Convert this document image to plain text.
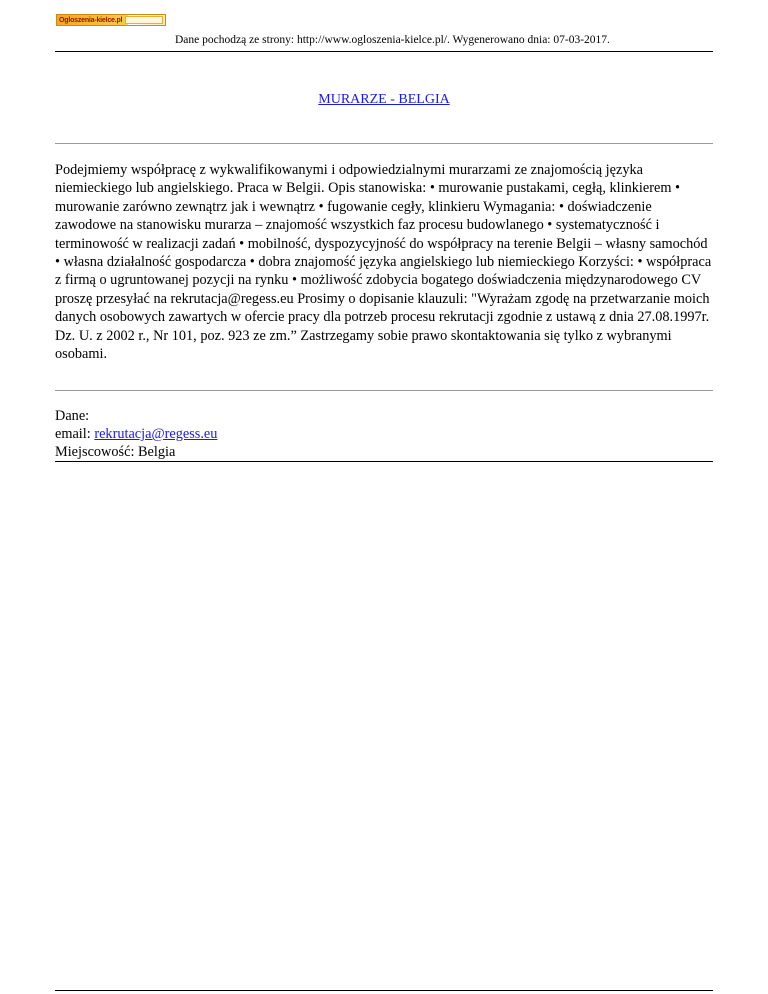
Ogloszenia-kielce.pl
Dane pochodzą ze strony: http://www.ogloszenia-kielce.pl/. Wygenerowano dnia: 07-03-2017.
MURARZE - BELGIA

Podejmiemy współpracę z wykwalifikowanymi i odpowiedzialnymi murarzami ze znajomością języka niemieckiego lub angielskiego. Praca w Belgii. Opis stanowiska: • murowanie pustakami, cegłą, klinkierem • murowanie zarówno zewnątrz jak i wewnątrz • fugowanie cegły, klinkieru Wymagania: • doświadczenie zawodowe na stanowisku murarza – znajomość wszystkich faz procesu budowlanego • systematyczność i terminowość w realizacji zadań • mobilność, dyspozycyjność do współpracy na terenie Belgii – własny samochód • własna działalność gospodarcza • dobra znajomość języka angielskiego lub niemieckiego Korzyści: • współpraca z firmą o ugruntowanej pozycji na rynku • możliwość zdobycia bogatego doświadczenia międzynarodowego CV proszę przesyłać na rekrutacja@regess.eu Prosimy o dopisanie klauzuli: "Wyrażam zgodę na przetwarzanie moich danych osobowych zawartych w ofercie pracy dla potrzeb procesu rekrutacji zgodnie z ustawą z dnia 27.08.1997r. Dz. U. z 2002 r., Nr 101, poz. 923 ze zm.” Zastrzegamy sobie prawo skontaktowania się tylko z wybranymi osobami.

Dane:
email: rekrutacja@regess.eu
Miejscowość: Belgia
